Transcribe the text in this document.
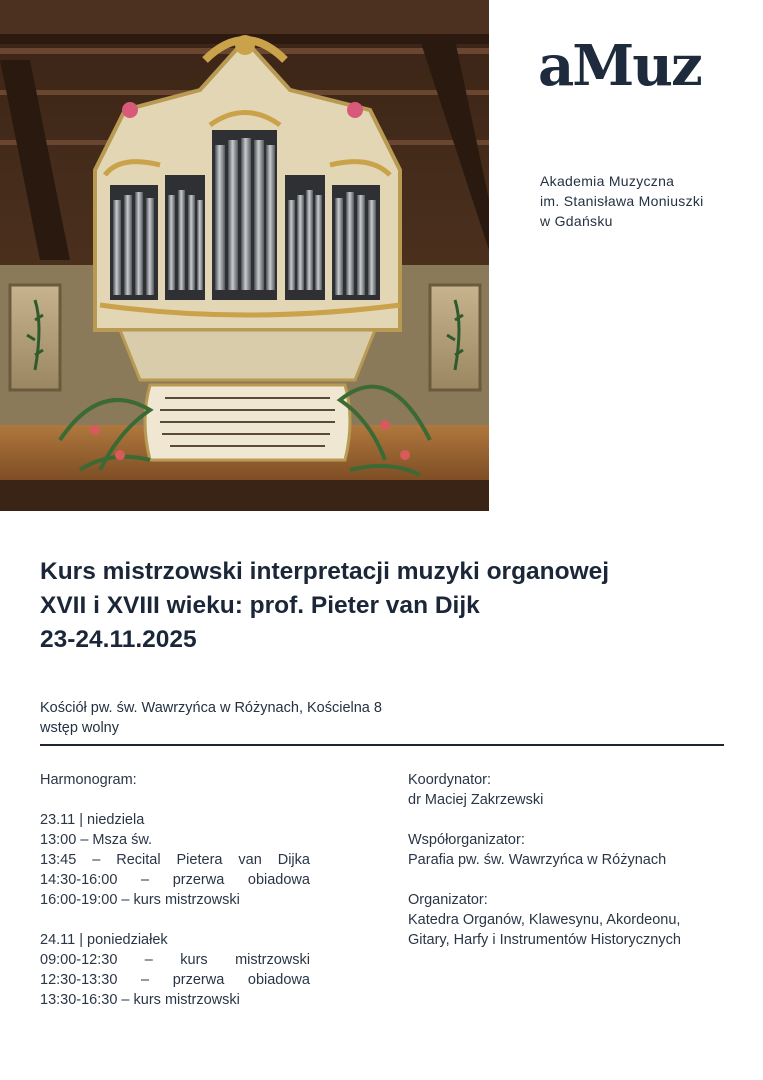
aMuz
Akademia Muzyczna
im. Stanisława Moniuszki
w Gdańsku
Kurs mistrzowski interpretacji muzyki organowej
XVII i XVIII wieku: prof. Pieter van Dijk
23-24.11.2025
Kościół pw. św. Wawrzyńca w Różynach, Kościelna 8
wstęp wolny
Harmonogram:
23.11 | niedziela
13:00 – Msza św.
13:45 – Recital Pietera van Dijka
14:30-16:00 – przerwa obiadowa
16:00-19:00 – kurs mistrzowski
24.11 | poniedziałek
09:00-12:30 – kurs mistrzowski
12:30-13:30 – przerwa obiadowa
13:30-16:30 – kurs mistrzowski
Koordynator:
dr Maciej Zakrzewski
Współorganizator:
Parafia pw. św. Wawrzyńca w Różynach
Organizator:
Katedra Organów, Klawesynu, Akordeonu,
Gitary, Harfy i Instrumentów Historycznych
